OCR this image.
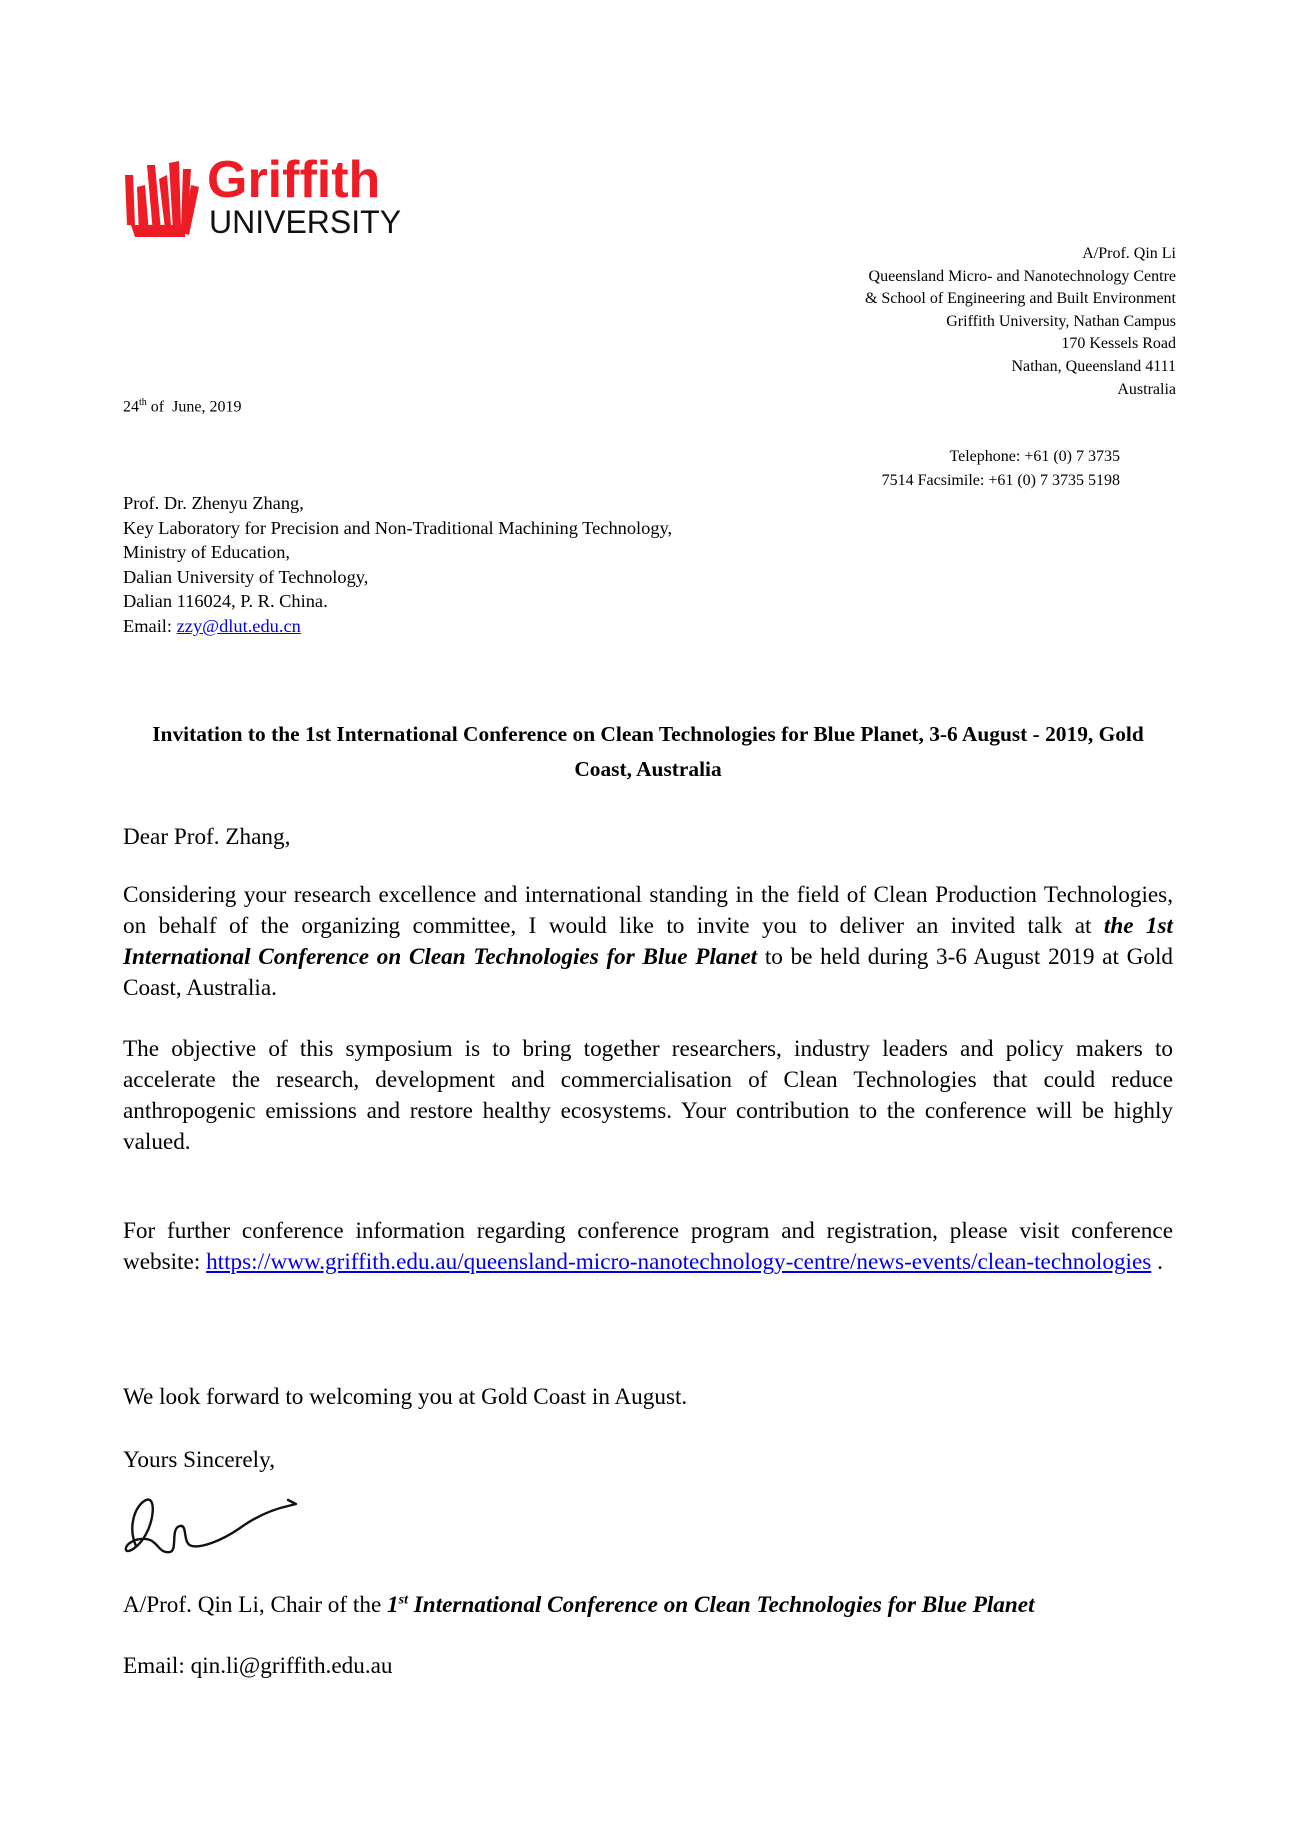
Griffith
UNIVERSITY
A/Prof. Qin Li
Queensland Micro- and Nanotechnology Centre
& School of Engineering and Built Environment
Griffith University, Nathan Campus
170 Kessels Road
Nathan, Queensland 4111
Australia
24th of  June, 2019
Telephone: +61 (0) 7 3735
7514 Facsimile: +61 (0) 7 3735 5198
Prof. Dr. Zhenyu Zhang,
Key Laboratory for Precision and Non-Traditional Machining Technology,
Ministry of Education,
Dalian University of Technology,
Dalian 116024, P. R. China.
Email: zzy@dlut.edu.cn
Invitation to the 1st International Conference on Clean Technologies for Blue Planet, 3-6 August - 2019, Gold Coast, Australia
Dear Prof. Zhang,
Considering your research excellence and international standing in the field of Clean Production Technologies, on behalf of the organizing committee, I would like to invite you to deliver an invited talk at the 1st International Conference on Clean Technologies for Blue Planet to be held during 3-6 August 2019 at Gold Coast, Australia.
The objective of this symposium is to bring together researchers, industry leaders and policy makers to accelerate the research, development and commercialisation of Clean Technologies that could reduce anthropogenic emissions and restore healthy ecosystems. Your contribution to the conference will be highly valued.
For further conference information regarding conference program and registration, please visit conference website: https://www.griffith.edu.au/queensland-micro-nanotechnology-centre/news-events/clean-technologies .
We look forward to welcoming you at Gold Coast in August.
Yours Sincerely,
A/Prof. Qin Li, Chair of the 1st International Conference on Clean Technologies for Blue Planet
Email: qin.li@griffith.edu.au
